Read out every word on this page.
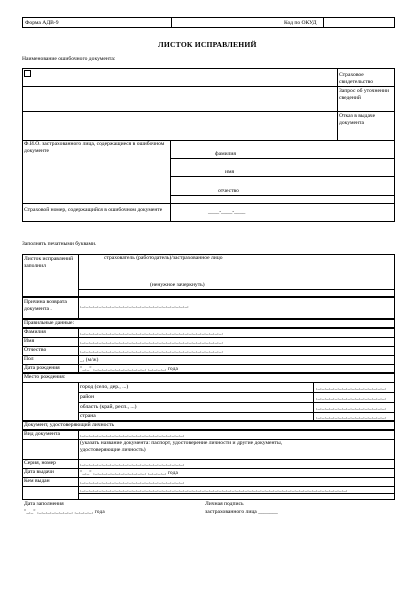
Форма АДВ-9	Код по ОКУД
ЛИСТОК ИСПРАВЛЕНИЙ
Наименование ошибочного документа:
Страховое свидетельство
Запрос об уточнении сведений
Отказ в выдаче документа
Ф.И.О. застрахованного лица, содержащиеся в ошибочном документе
фамилия
имя
отчество
Страховой номер, содержащийся в ошибочном документе	____-____-____
Заполнять печатными буквами.
Листок исправлений заполнил
страхователь (работодатель)/застрахованное лицо
(ненужное зачеркнуть)
Причина возврата документа .	,_,_,_,_,_,_,_,_,_,_,_,_,_,_,_,_,_,_,_,_,_,_,_,_,_,
Правильные данные:
Фамилия	,_,_,_,_,_,_,_,_,_,_,_,_,_,_,_,_,_,_,_,_,_,_,_,_,_,_,_,_,_,_,_,_,_,
Имя	,_,_,_,_,_,_,_,_,_,_,_,_,_,_,_,_,_,_,_,_,_,_,_,_,_,_,_,_,_,_,_,_,_,
Отчество	,_,_,_,_,_,_,_,_,_,_,_,_,_,_,_,_,_,_,_,_,_,_,_,_,_,_,_,_,_,_,_,_,_,
Пол	_, (м/ж)
Дата рождения	"_,_" ,_,_,_,_,_,_,_,_,_,_,_,_, ,_,_,_,_, года
Место рождения:
город (село, дер., ...)	,_,_,_,_,_,_,_,_,_,_,_,_,_,_,_,_,
район	,_,_,_,_,_,_,_,_,_,_,_,_,_,_,_,_,
область (край, респ., ...)	,_,_,_,_,_,_,_,_,_,_,_,_,_,_,_,_,
страна	,_,_,_,_,_,_,_,_,_,_,_,_,_,_,_,_,
Документ, удостоверяющий личность
Вид документа	,_,_,_,_,_,_,_,_,_,_,_,_,_,_,_,_,_,_,_,_,_,_,_,_,
(указать название документа: паспорт, удостоверение личности и другие документы, удостоверяющие личность)
Серия, номер	,_,_,_,_,_,_,_,_,_,_,_,_,_,_,_,_,_,_,_,_,_,_,_,_,
Дата выдачи	"_,_" ,_,_,_,_,_,_,_,_,_,_,_,_, ,_,_,_,_, года
Кем выдан	,_,_,_,_,_,_,_,_,_,_,_,_,_,_,_,_,_,_,_,_,_,_,_,_,
,_,_,_,_,_,_,_,_,_,_,_,_,_,_,_,_,_,_,_,_,_,_,_,_,_,_,_,_,_,_,_,_,_,_,_,_,_,_,_,_,_,_,_,_,_,_,_,_,_,_,_,_,_,_,_,_,_,_,_,_,_,_,
Дата заполнения
"_,_" ,_,_,_,_,_,_,_,_, ,_,_,_,_, года
Личная подпись
застрахованного лица _______
